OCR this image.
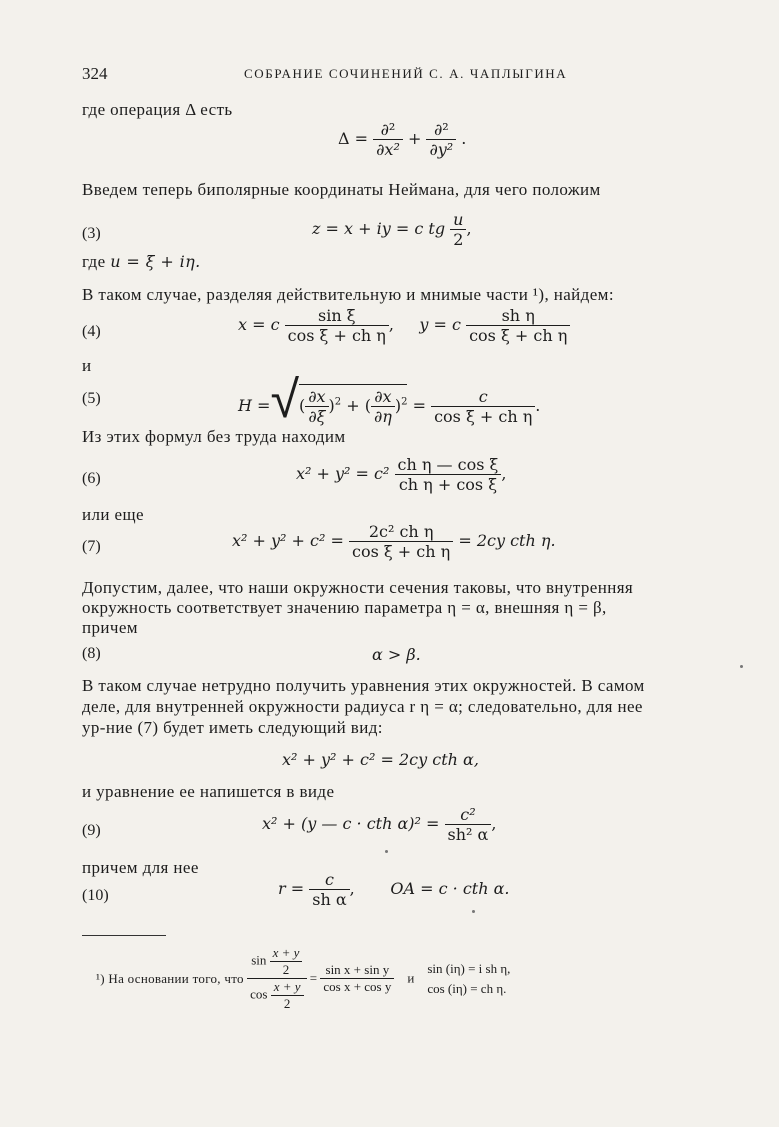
324	СОБРАНИЕ СОЧИНЕНИЙ С. А. ЧАПЛЫГИНА
где операция Δ есть
$\Delta = \frac{\text{∂²}}{\text{∂x²}} + \frac{\text{∂²}}{\text{∂y²}}$ .
Введем теперь биполярные координаты Нейманa, для чего положим
(3)	z = x + iy = c tg $\frac{u}{2}$ ,
где u = ξ + iη.
В таком случае, разделяя действительную и мнимые части ¹), найдем:
(4)	x = c $\frac{\text{sin ξ}}{\text{cos ξ + ch η}}$ , y = c $\frac{\text{sh η}}{\text{cos ξ + ch η}}$
и
(5)	H =√( $\frac{\partial x}{\partial\xi} )^2$ + ( $\frac{\partial x}{\partial\eta} )^2 = \frac{c}{\text{cos ξ + ch η}}$ .
Из этих формул без труда находим
(6)	$x^2 + y^2 = c^2 \frac{\text{ch η — cos ξ}}{\text{ch η + cos ξ}}$ ,
или еще
(7)	$x^2 + y^2 + c^2 = \frac{\text{2c² ch η}}{\text{cos ξ + ch η}} = 2cy$ cth η.
Допустим, далее, что наши окружности сечения таковы, что внутренняя
окружность соответствует значению параметра η = α, внешняя η = β,
причем
(8)	α > β.
В таком случае нетрудно получить уравнения этих окружностей. В самом
деле, для внутренней окружности радиуса r η = α; следовательно, для нее
ур-ние (7) будет иметь следующий вид:
x² + y² + c² = 2cy cth α,
и уравнение ее напишется в виде
(9)	x² + (y — c · cth $\alpha)^2 = \frac{\text{c²}}{\text{sh² α}}$ ,
причем для нее
(10)	$r = \frac{c}{\text{sh α}}$ , OA = c · cth α.
¹) На основании того, что $\frac{\sin \frac{x + y}{2}}{\cos \frac{x + y}{2}} = \frac{\text{sin x + sin y}}{\text{cos x + cos y}}$ и    sin (iη) = i sh η,
cos (iη) = ch η.
